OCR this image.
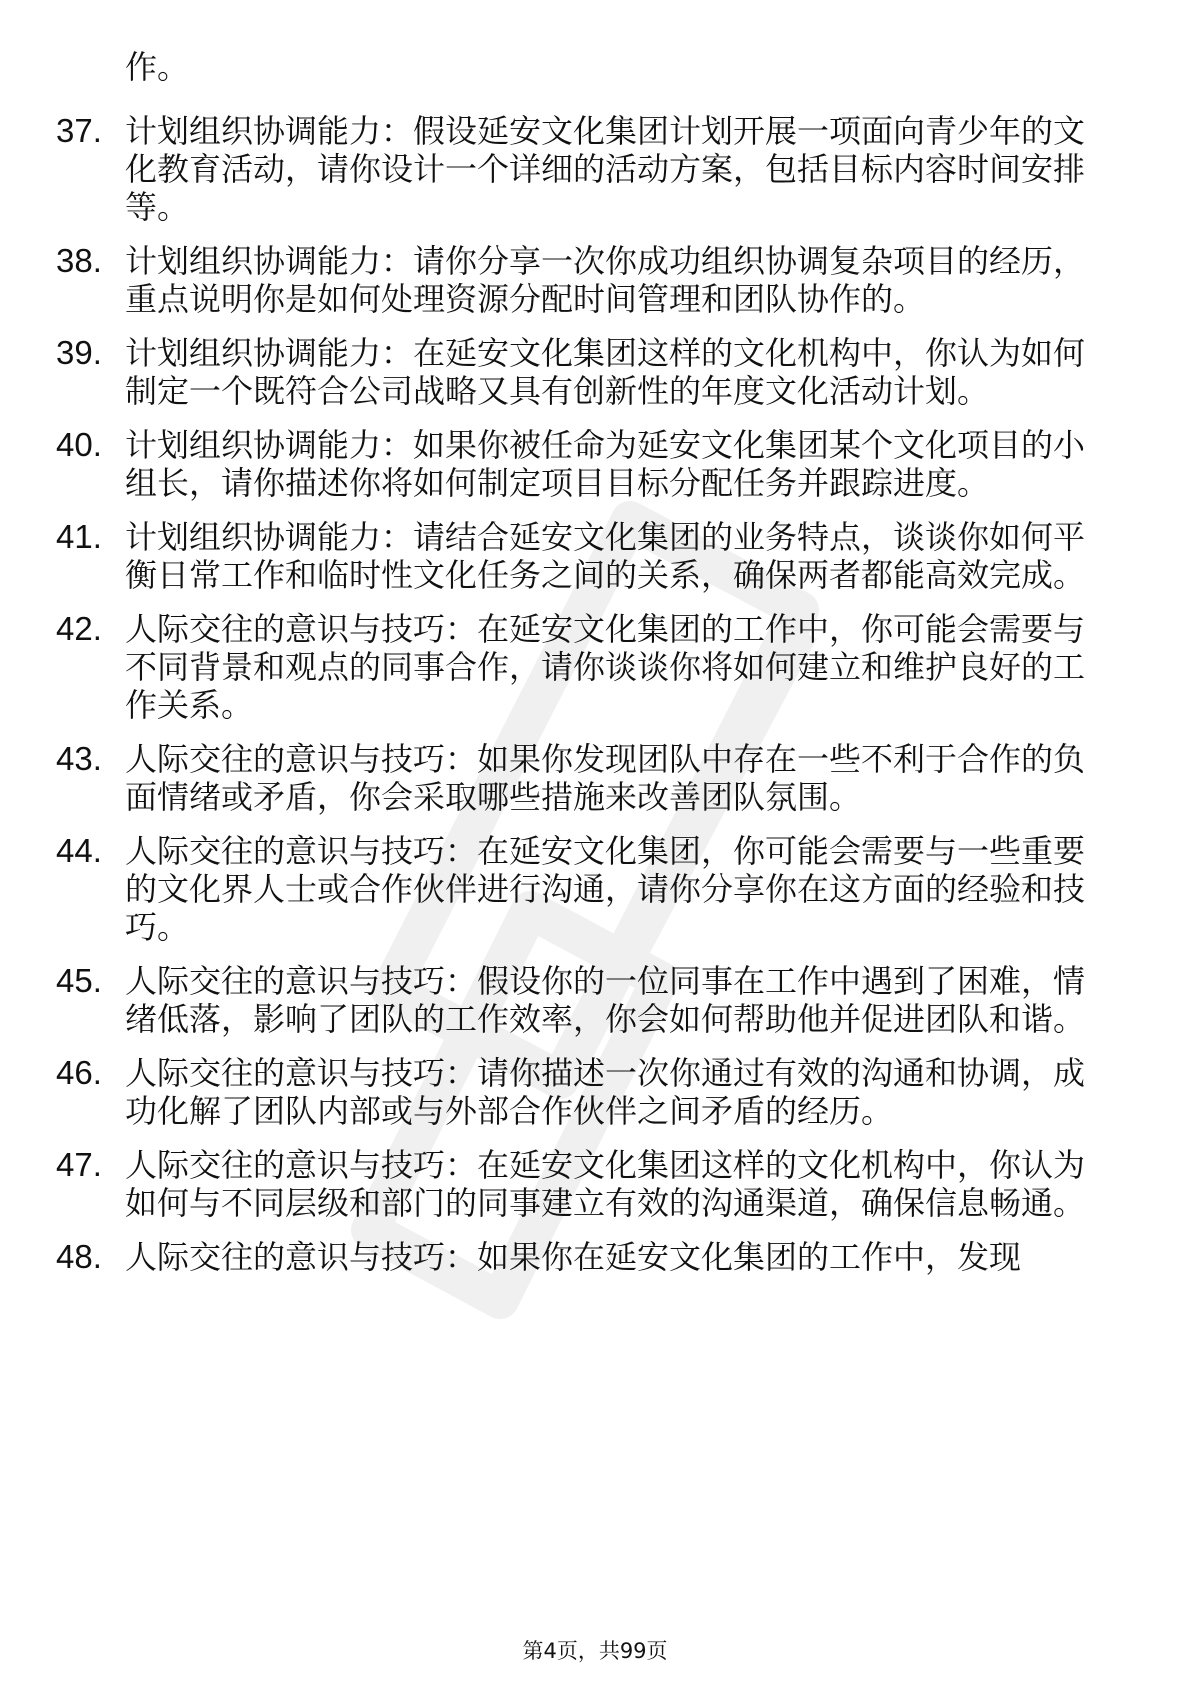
作。

37. 计划组织协调能力：假设延安文化集团计划开展一项面向青少年的文化教育活动，请你设计一个详细的活动方案，包括目标内容时间安排等。
38. 计划组织协调能力：请你分享一次你成功组织协调复杂项目的经历，重点说明你是如何处理资源分配时间管理和团队协作的。
39. 计划组织协调能力：在延安文化集团这样的文化机构中，你认为如何制定一个既符合公司战略又具有创新性的年度文化活动计划。
40. 计划组织协调能力：如果你被任命为延安文化集团某个文化项目的小组长，请你描述你将如何制定项目目标分配任务并跟踪进度。
41. 计划组织协调能力：请结合延安文化集团的业务特点，谈谈你如何平衡日常工作和临时性文化任务之间的关系，确保两者都能高效完成。
42. 人际交往的意识与技巧：在延安文化集团的工作中，你可能会需要与不同背景和观点的同事合作，请你谈谈你将如何建立和维护良好的工作关系。
43. 人际交往的意识与技巧：如果你发现团队中存在一些不利于合作的负面情绪或矛盾，你会采取哪些措施来改善团队氛围。
44. 人际交往的意识与技巧：在延安文化集团，你可能会需要与一些重要的文化界人士或合作伙伴进行沟通，请你分享你在这方面的经验和技巧。
45. 人际交往的意识与技巧：假设你的一位同事在工作中遇到了困难，情绪低落，影响了团队的工作效率，你会如何帮助他并促进团队和谐。
46. 人际交往的意识与技巧：请你描述一次你通过有效的沟通和协调，成功化解了团队内部或与外部合作伙伴之间矛盾的经历。
47. 人际交往的意识与技巧：在延安文化集团这样的文化机构中，你认为如何与不同层级和部门的同事建立有效的沟通渠道，确保信息畅通。
48. 人际交往的意识与技巧：如果你在延安文化集团的工作中，发现
第4页，共99页
